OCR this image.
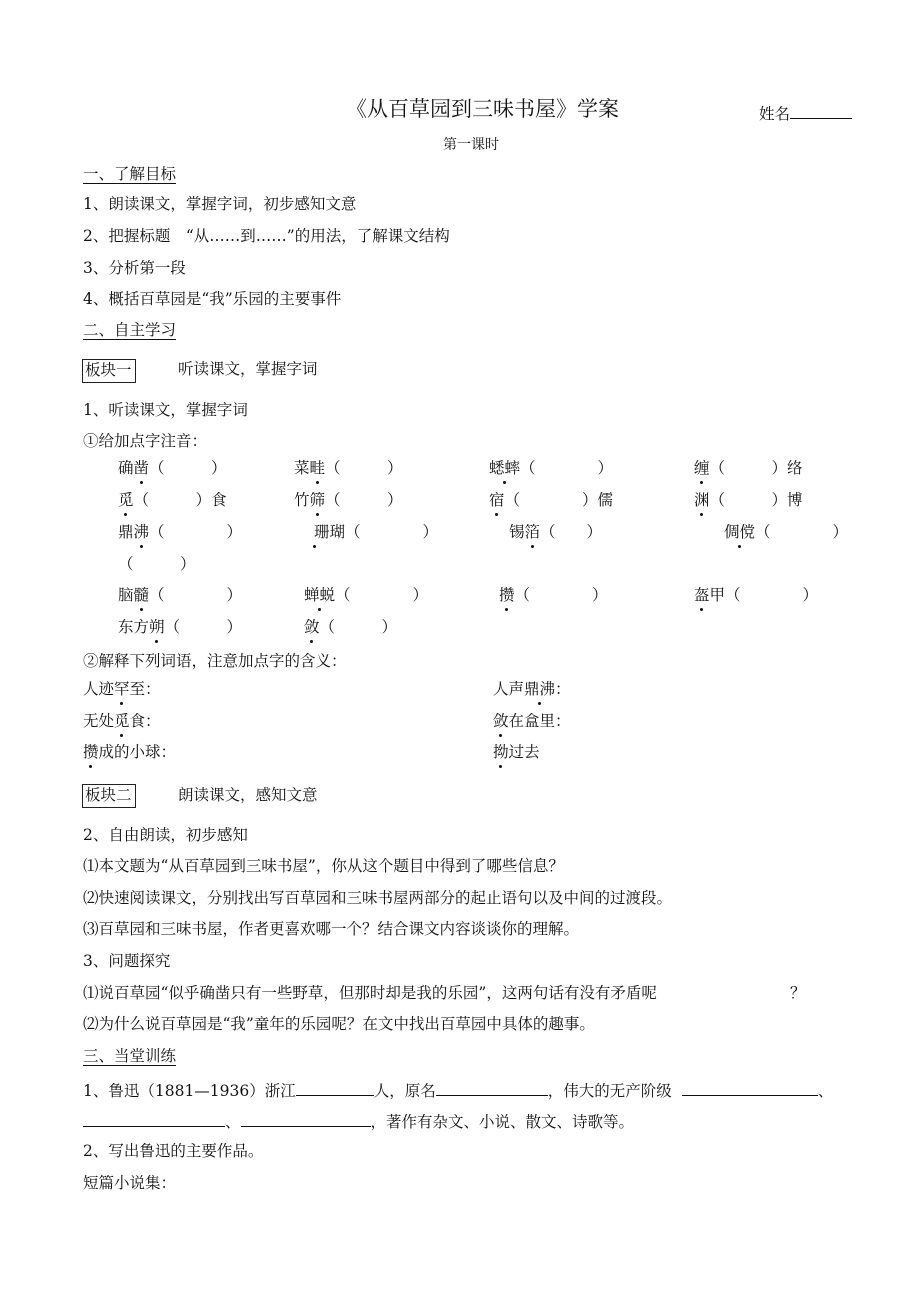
《从百草园到三味书屋》学案	姓名
第一课时
一、了解目标
1、朗读课文，掌握字词，初步感知文意
2、把握标题　“从……到……”的用法，了解课文结构
3、分析第一段
4、概括百草园是“我”乐园的主要事件
二、自主学习
板块一	听读课文，掌握字词
1、听读课文，掌握字词
①给加点字注音：
确凿（　　　）	菜畦（　　　）	蟋蟀（　　　　）	缠（　　　）络
觅（　　　）食	竹筛（　　　）	宿（　　　　）儒	渊（　　　）博
鼎沸（　　　　）	珊瑚（　　　　）	锡箔（　　）	倜傥（　　　　）
（　　　）
脑髓（　　　　）	蝉蜕（　　　　）	攒（　　　　）	盔甲（　　　　）
东方朔（　　　）	敛（　　　）
②解释下列词语，注意加点字的含义：
人迹罕至：	人声鼎沸：
无处觅食：	敛在盒里：
攒成的小球：	拗过去
板块二	朗读课文，感知文意
2、自由朗读，初步感知
⑴本文题为“从百草园到三味书屋”，你从这个题目中得到了哪些信息？
⑵快速阅读课文，分别找出写百草园和三味书屋两部分的起止语句以及中间的过渡段。
⑶百草园和三味书屋，作者更喜欢哪一个？结合课文内容谈谈你的理解。
3、问题探究
⑴说百草园“似乎确凿只有一些野草，但那时却是我的乐园”，这两句话有没有矛盾呢	？
⑵为什么说百草园是“我”童年的乐园呢？在文中找出百草园中具体的趣事。
三、当堂训练
1、鲁迅（1881—1936）浙江	人，原名	，伟大的无产阶级	、
、	，著作有杂文、小说、散文、诗歌等。
2、写出鲁迅的主要作品。
短篇小说集：
